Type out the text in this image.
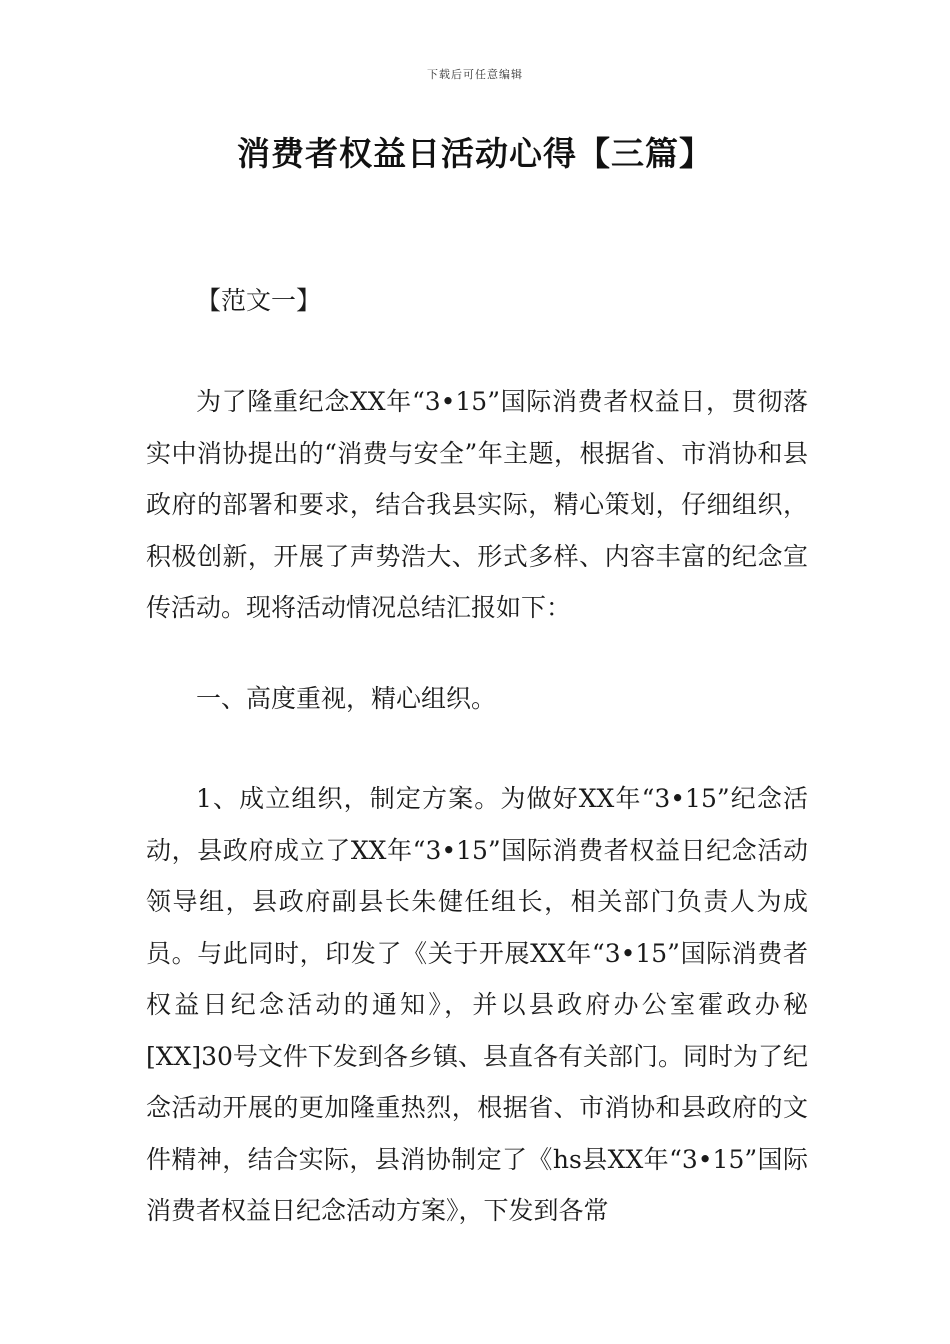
下载后可任意编辑
消费者权益日活动心得【三篇】
【范文一】
为了隆重纪念XX年“3•15”国际消费者权益日，贯彻落实中消协提出的“消费与安全”年主题，根据省、市消协和县政府的部署和要求，结合我县实际，精心策划，仔细组织，积极创新，开展了声势浩大、形式多样、内容丰富的纪念宣传活动。现将活动情况总结汇报如下：
一、高度重视，精心组织。
1、成立组织，制定方案。为做好XX年“3•15”纪念活动，县政府成立了XX年“3•15”国际消费者权益日纪念活动领导组，县政府副县长朱健任组长，相关部门负责人为成员。与此同时，印发了《关于开展XX年“3•15”国际消费者权益日纪念活动的通知》，并以县政府办公室霍政办秘[XX]30号文件下发到各乡镇、县直各有关部门。同时为了纪念活动开展的更加隆重热烈，根据省、市消协和县政府的文件精神，结合实际，县消协制定了《hs县XX年“3•15”国际消费者权益日纪念活动方案》，下发到各常
